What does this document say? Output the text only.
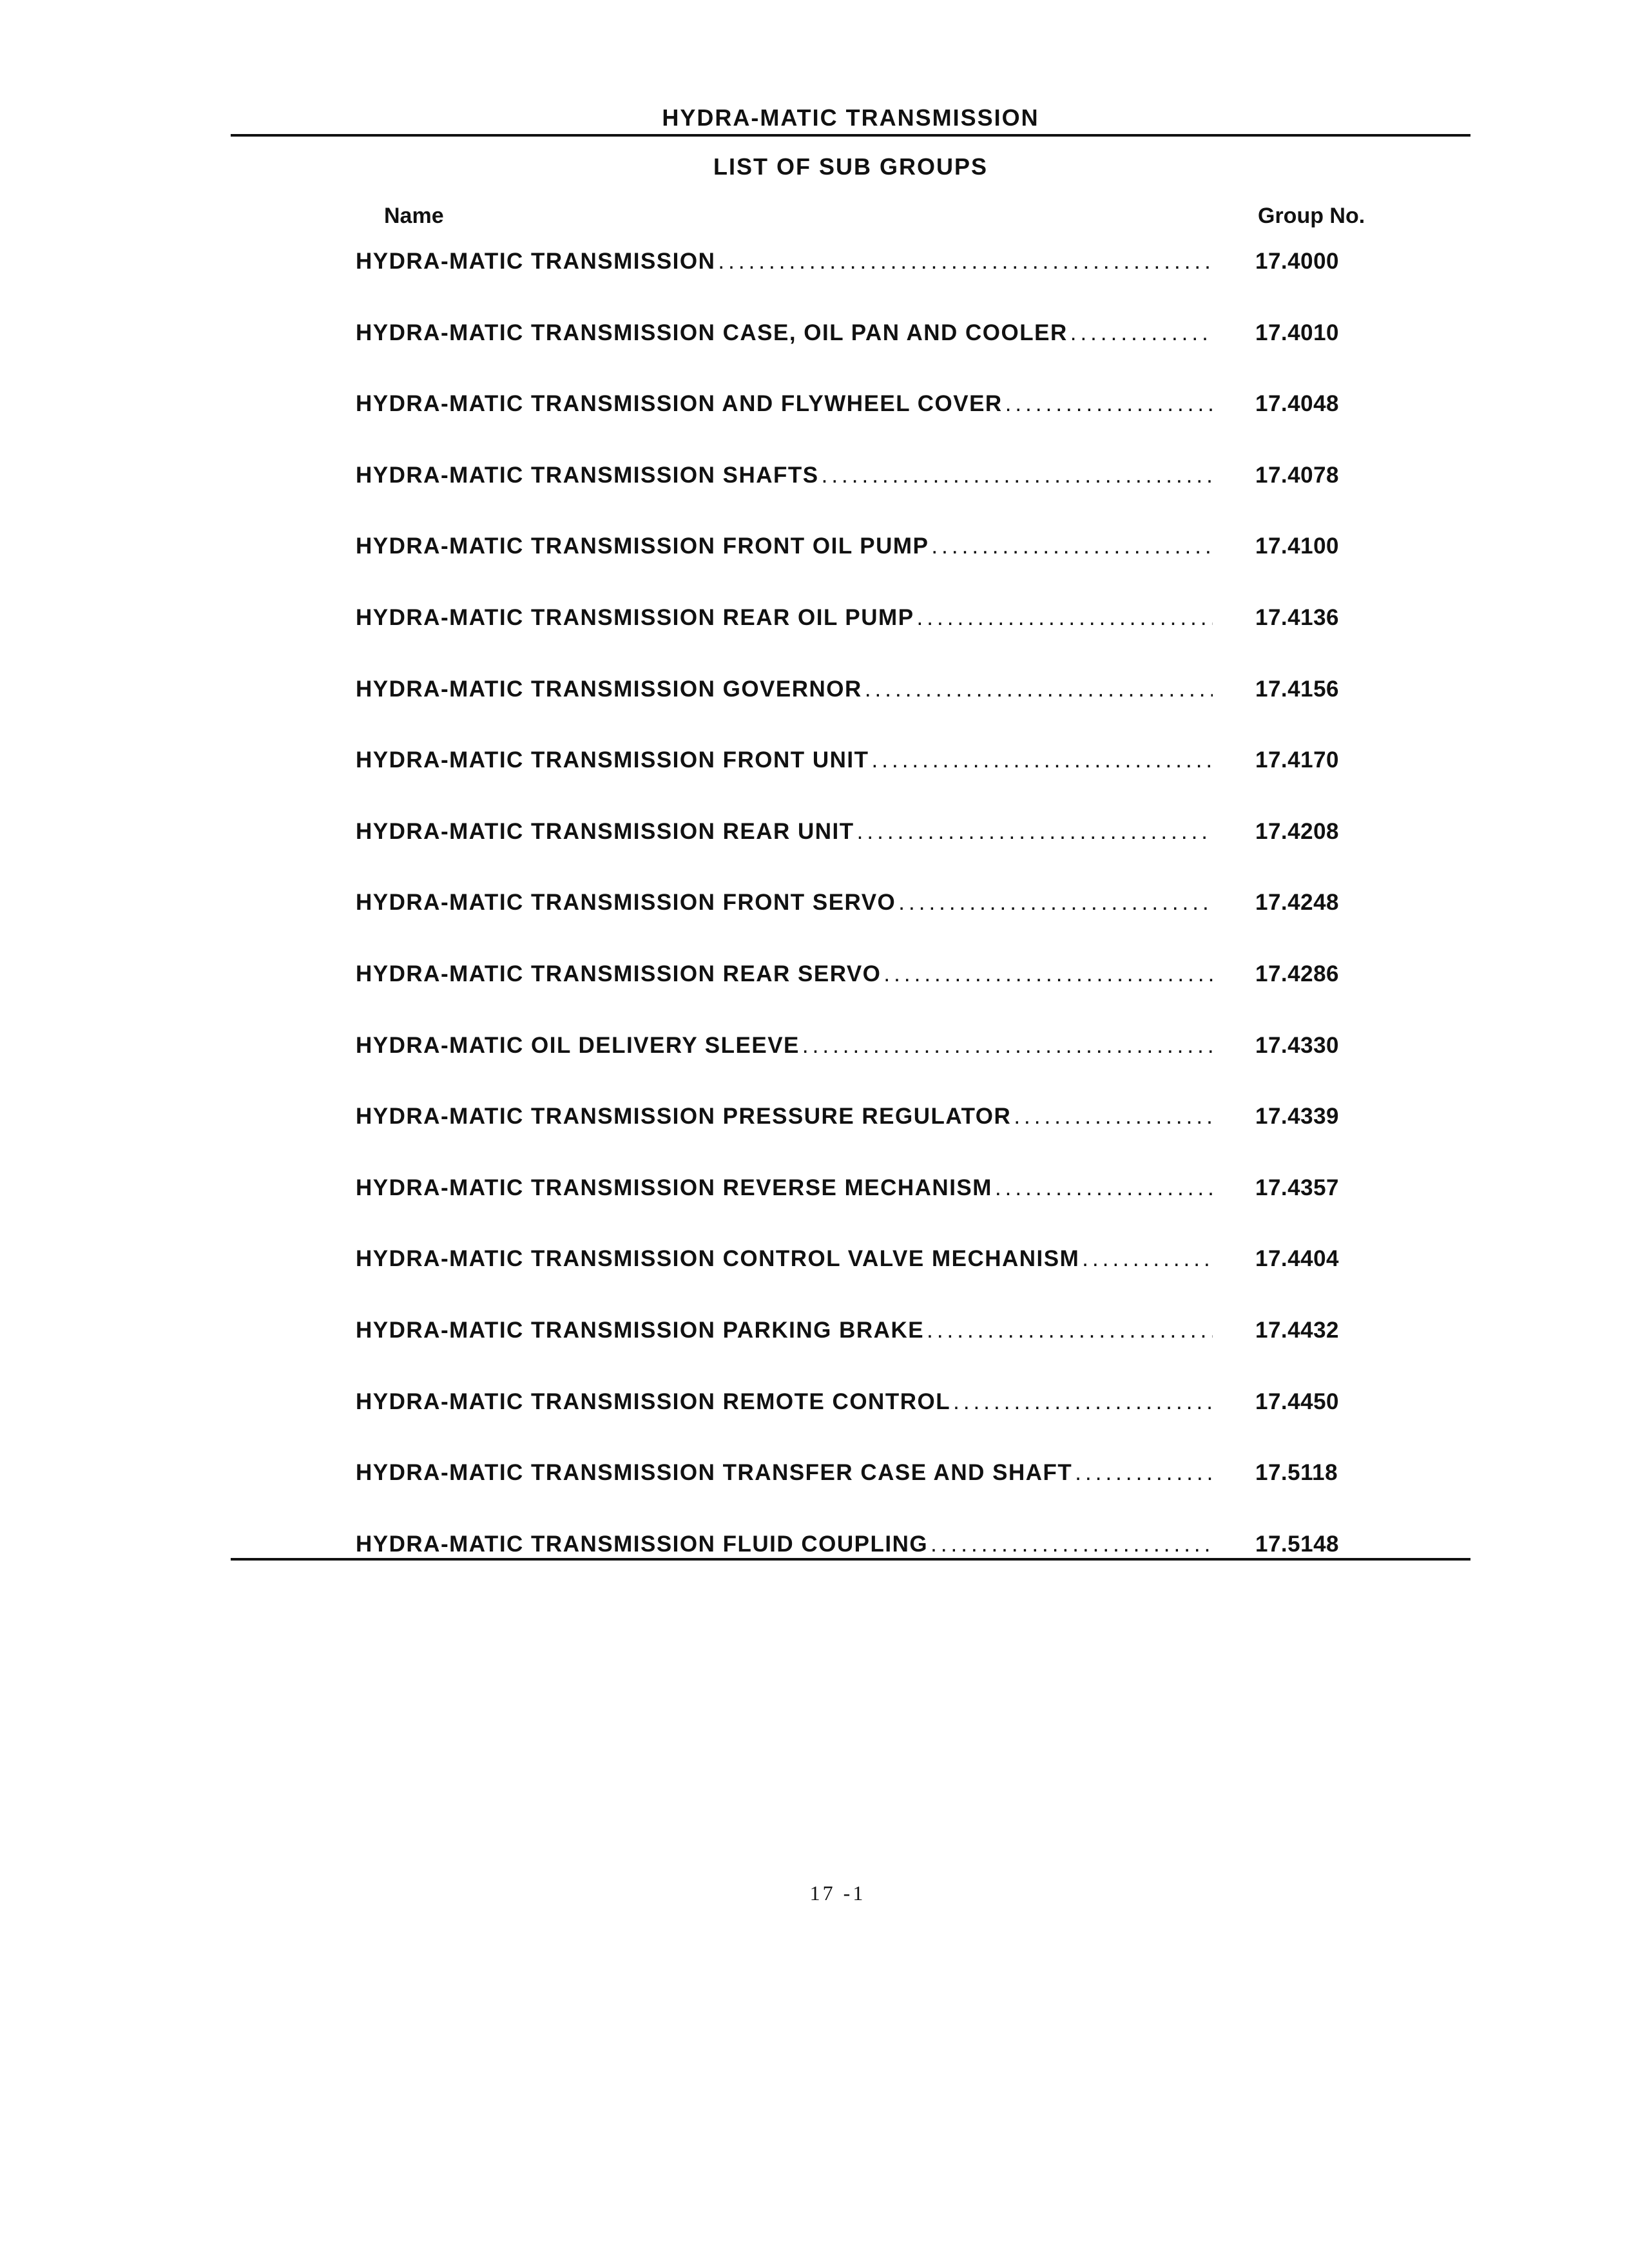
HYDRA-MATIC TRANSMISSION
LIST OF SUB GROUPS
Name	Group No.
HYDRA-MATIC TRANSMISSION .....	17.4000
HYDRA-MATIC TRANSMISSION CASE, OIL PAN AND COOLER .....	17.4010
HYDRA-MATIC TRANSMISSION AND FLYWHEEL COVER .....	17.4048
HYDRA-MATIC TRANSMISSION SHAFTS .....	17.4078
HYDRA-MATIC TRANSMISSION FRONT OIL PUMP .....	17.4100
HYDRA-MATIC TRANSMISSION REAR OIL PUMP .....	17.4136
HYDRA-MATIC TRANSMISSION GOVERNOR .....	17.4156
HYDRA-MATIC TRANSMISSION FRONT UNIT .....	17.4170
HYDRA-MATIC TRANSMISSION REAR UNIT .....	17.4208
HYDRA-MATIC TRANSMISSION FRONT SERVO .....	17.4248
HYDRA-MATIC TRANSMISSION REAR SERVO .....	17.4286
HYDRA-MATIC OIL DELIVERY SLEEVE .....	17.4330
HYDRA-MATIC TRANSMISSION PRESSURE REGULATOR .....	17.4339
HYDRA-MATIC TRANSMISSION REVERSE MECHANISM .....	17.4357
HYDRA-MATIC TRANSMISSION CONTROL VALVE MECHANISM .....	17.4404
HYDRA-MATIC TRANSMISSION PARKING BRAKE .....	17.4432
HYDRA-MATIC TRANSMISSION REMOTE CONTROL .....	17.4450
HYDRA-MATIC TRANSMISSION TRANSFER CASE AND SHAFT .....	17.5118
HYDRA-MATIC TRANSMISSION FLUID COUPLING .....	17.5148
17 -1
